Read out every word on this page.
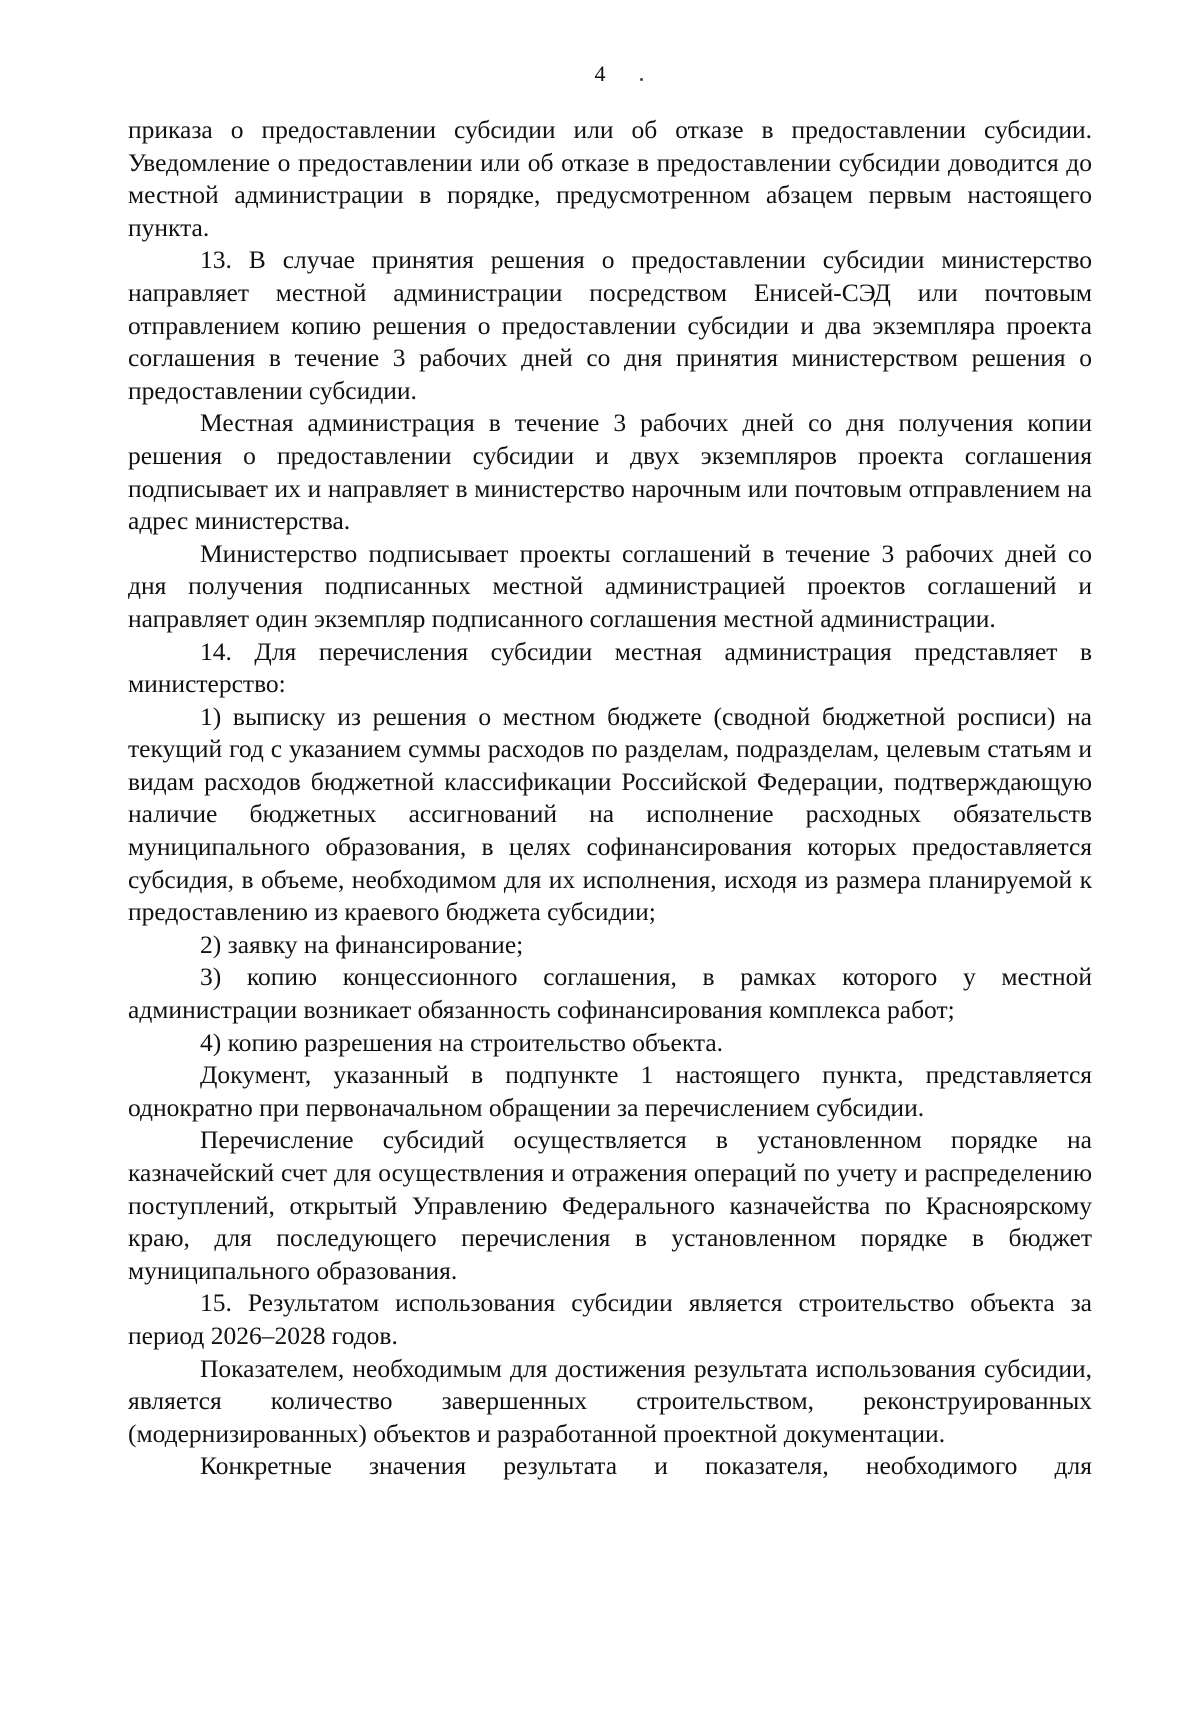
4

приказа о предоставлении субсидии или об отказе в предоставлении субсидии. Уведомление о предоставлении или об отказе в предоставлении субсидии доводится до местной администрации в порядке, предусмотренном абзацем первым настоящего пункта.

13. В случае принятия решения о предоставлении субсидии министерство направляет местной администрации посредством Енисей-СЭД или почтовым отправлением копию решения о предоставлении субсидии и два экземпляра проекта соглашения в течение 3 рабочих дней со дня принятия министерством решения о предоставлении субсидии.

Местная администрация в течение 3 рабочих дней со дня получения копии решения о предоставлении субсидии и двух экземпляров проекта соглашения подписывает их и направляет в министерство нарочным или почтовым отправлением на адрес министерства.

Министерство подписывает проекты соглашений в течение 3 рабочих дней со дня получения подписанных местной администрацией проектов соглашений и направляет один экземпляр подписанного соглашения местной администрации.

14. Для перечисления субсидии местная администрация представляет в министерство:

1) выписку из решения о местном бюджете (сводной бюджетной росписи) на текущий год с указанием суммы расходов по разделам, подразделам, целевым статьям и видам расходов бюджетной классификации Российской Федерации, подтверждающую наличие бюджетных ассигнований на исполнение расходных обязательств муниципального образования, в целях софинансирования которых предоставляется субсидия, в объеме, необходимом для их исполнения, исходя из размера планируемой к предоставлению из краевого бюджета субсидии;

2) заявку на финансирование;

3) копию концессионного соглашения, в рамках которого у местной администрации возникает обязанность софинансирования комплекса работ;

4) копию разрешения на строительство объекта.

Документ, указанный в подпункте 1 настоящего пункта, представляется однократно при первоначальном обращении за перечислением субсидии.

Перечисление субсидий осуществляется в установленном порядке на казначейский счет для осуществления и отражения операций по учету и распределению поступлений, открытый Управлению Федерального казначейства по Красноярскому краю, для последующего перечисления в установленном порядке в бюджет муниципального образования.

15. Результатом использования субсидии является строительство объекта за период 2026–2028 годов.

Показателем, необходимым для достижения результата использования субсидии, является количество завершенных строительством, реконструированных (модернизированных) объектов и разработанной проектной документации.

Конкретные значения результата и показателя, необходимого для
